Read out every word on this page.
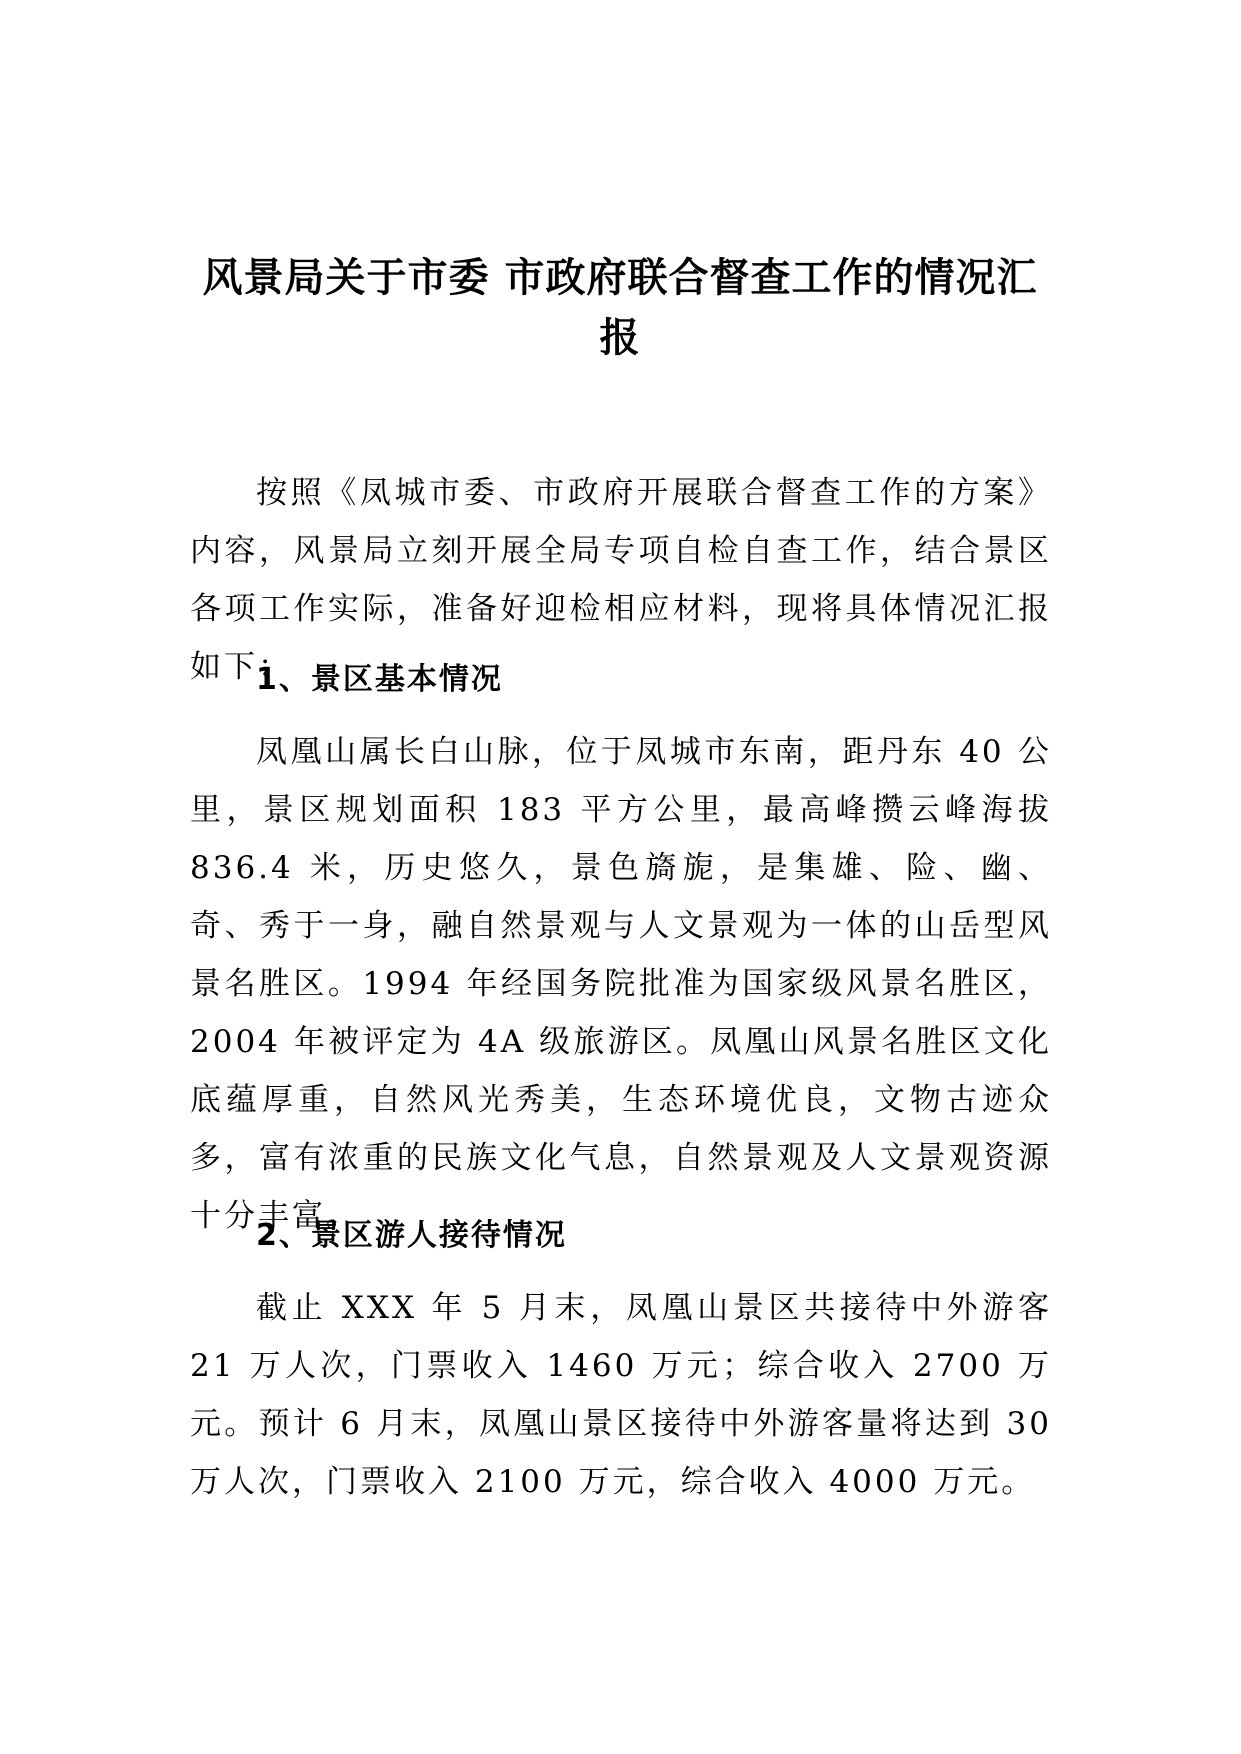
风景局关于市委 市政府联合督查工作的情况汇报

按照《凤城市委、市政府开展联合督查工作的方案》内容，风景局立刻开展全局专项自检自查工作，结合景区各项工作实际，准备好迎检相应材料，现将具体情况汇报如下：

1、景区基本情况

凤凰山属长白山脉，位于凤城市东南，距丹东 40 公里，景区规划面积 183 平方公里，最高峰攒云峰海拔 836.4 米，历史悠久，景色旖旎，是集雄、险、幽、奇、秀于一身，融自然景观与人文景观为一体的山岳型风景名胜区。1994 年经国务院批准为国家级风景名胜区，2004 年被评定为 4A 级旅游区。凤凰山风景名胜区文化底蕴厚重，自然风光秀美，生态环境优良，文物古迹众多，富有浓重的民族文化气息，自然景观及人文景观资源十分丰富。

2、景区游人接待情况

截止 XXX 年 5 月末，凤凰山景区共接待中外游客 21 万人次，门票收入 1460 万元；综合收入 2700 万元。预计 6 月末，凤凰山景区接待中外游客量将达到 30 万人次，门票收入 2100 万元，综合收入 4000 万元。
